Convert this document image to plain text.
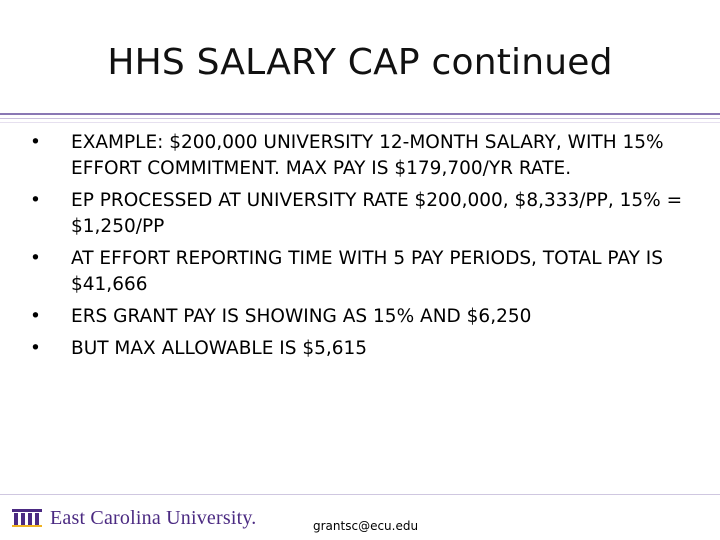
HHS SALARY CAP continued
• EXAMPLE: $200,000 UNIVERSITY 12-MONTH SALARY, WITH 15% EFFORT COMMITMENT. MAX PAY IS $179,700/YR RATE.
• EP PROCESSED AT UNIVERSITY RATE $200,000, $8,333/PP, 15% = $1,250/PP
• AT EFFORT REPORTING TIME WITH 5 PAY PERIODS, TOTAL PAY IS $41,666
• ERS GRANT PAY IS SHOWING AS 15% AND $6,250
• BUT MAX ALLOWABLE IS $5,615
East Carolina University.	grantsc@ecu.edu
